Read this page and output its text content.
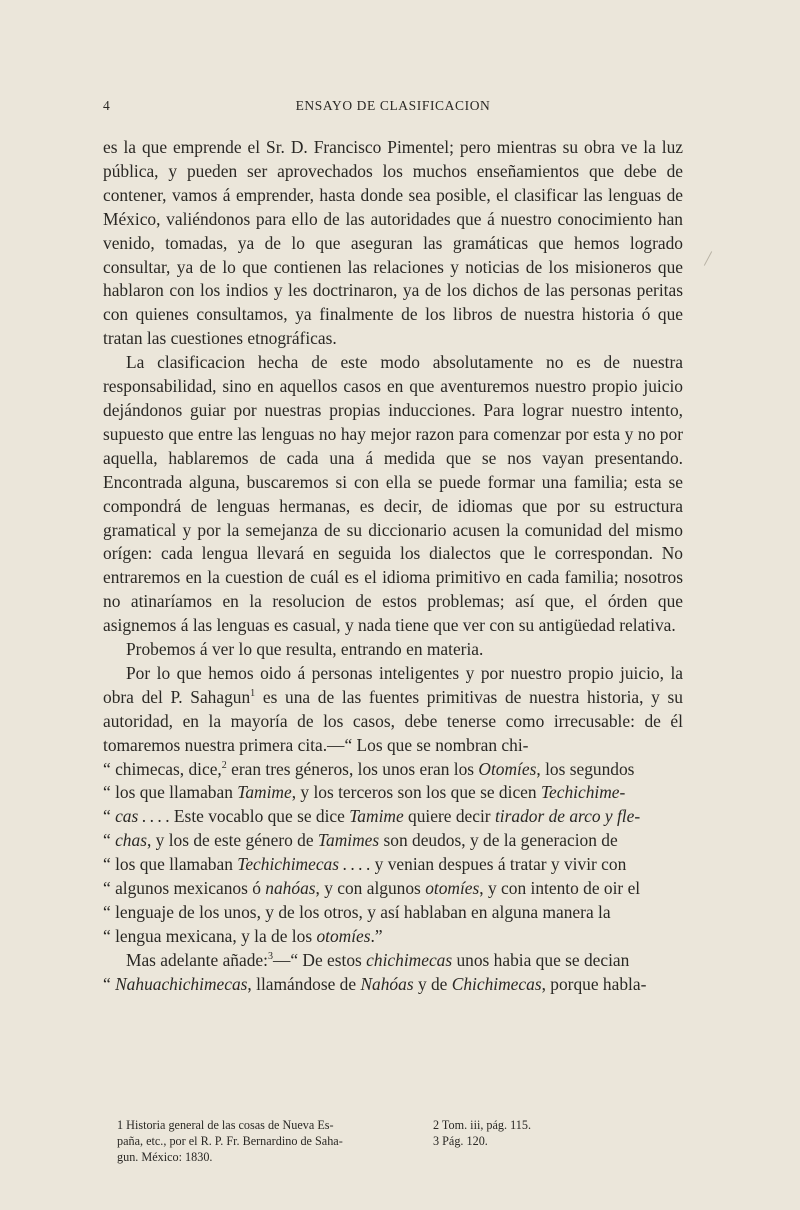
4	ENSAYO DE CLASIFICACION

es la que emprende el Sr. D. Francisco Pimentel; pero mientras su obra ve la luz pública, y pueden ser aprovechados los muchos enseñamientos que debe de contener, vamos á emprender, hasta donde sea posible, el clasificar las lenguas de México, valiéndonos para ello de las autoridades que á nuestro conocimiento han venido, tomadas, ya de lo que aseguran las gramáticas que hemos logrado consultar, ya de lo que contienen las relaciones y noticias de los misioneros que hablaron con los indios y les doctrinaron, ya de los dichos de las personas peritas con quienes consultamos, ya finalmente de los libros de nuestra historia ó que tratan las cuestiones etnográficas.

La clasificacion hecha de este modo absolutamente no es de nuestra responsabilidad, sino en aquellos casos en que aventuremos nuestro propio juicio dejándonos guiar por nuestras propias inducciones. Para lograr nuestro intento, supuesto que entre las lenguas no hay mejor razon para comenzar por esta y no por aquella, hablaremos de cada una á medida que se nos vayan presentando. Encontrada alguna, buscaremos si con ella se puede formar una familia; esta se compondrá de lenguas hermanas, es decir, de idiomas que por su estructura gramatical y por la semejanza de su diccionario acusen la comunidad del mismo orígen: cada lengua llevará en seguida los dialectos que le correspondan. No entraremos en la cuestion de cuál es el idioma primitivo en cada familia; nosotros no atinaríamos en la resolucion de estos problemas; así que, el órden que asignemos á las lenguas es casual, y nada tiene que ver con su antigüedad relativa.

Probemos á ver lo que resulta, entrando en materia.

Por lo que hemos oido á personas inteligentes y por nuestro propio juicio, la obra del P. Sahagun$^1$ es una de las fuentes primitivas de nuestra historia, y su autoridad, en la mayoría de los casos, debe tenerse como irrecusable: de él tomaremos nuestra primera cita.—“ Los que se nombran chi-

“ chimecas, dice,$^2$ eran tres géneros, los unos eran los Otomíes, los segundos
“ los que llamaban Tamime, y los terceros son los que se dicen Techichime-
“ cas . . . . Este vocablo que se dice Tamime quiere decir tirador de arco y fle-
“ chas, y los de este género de Tamimes son deudos, y de la generacion de
“ los que llamaban Techichimecas . . . . y venian despues á tratar y vivir con
“ algunos mexicanos ó nahóas, y con algunos otomíes, y con intento de oir el
“ lenguaje de los unos, y de los otros, y así hablaban en alguna manera la
“ lengua mexicana, y la de los otomíes.”

Mas adelante añade:$^3$—“ De estos chichimecas unos habia que se decian

“ Nahuachichimecas, llamándose de Nahóas y de Chichimecas, porque habla-

1 Historia general de las cosas de Nueva Es-
paña, etc., por el R. P. Fr. Bernardino de Saha-
gun. México: 1830.
2 Tom. iii, pág. 115.
3 Pág. 120.
